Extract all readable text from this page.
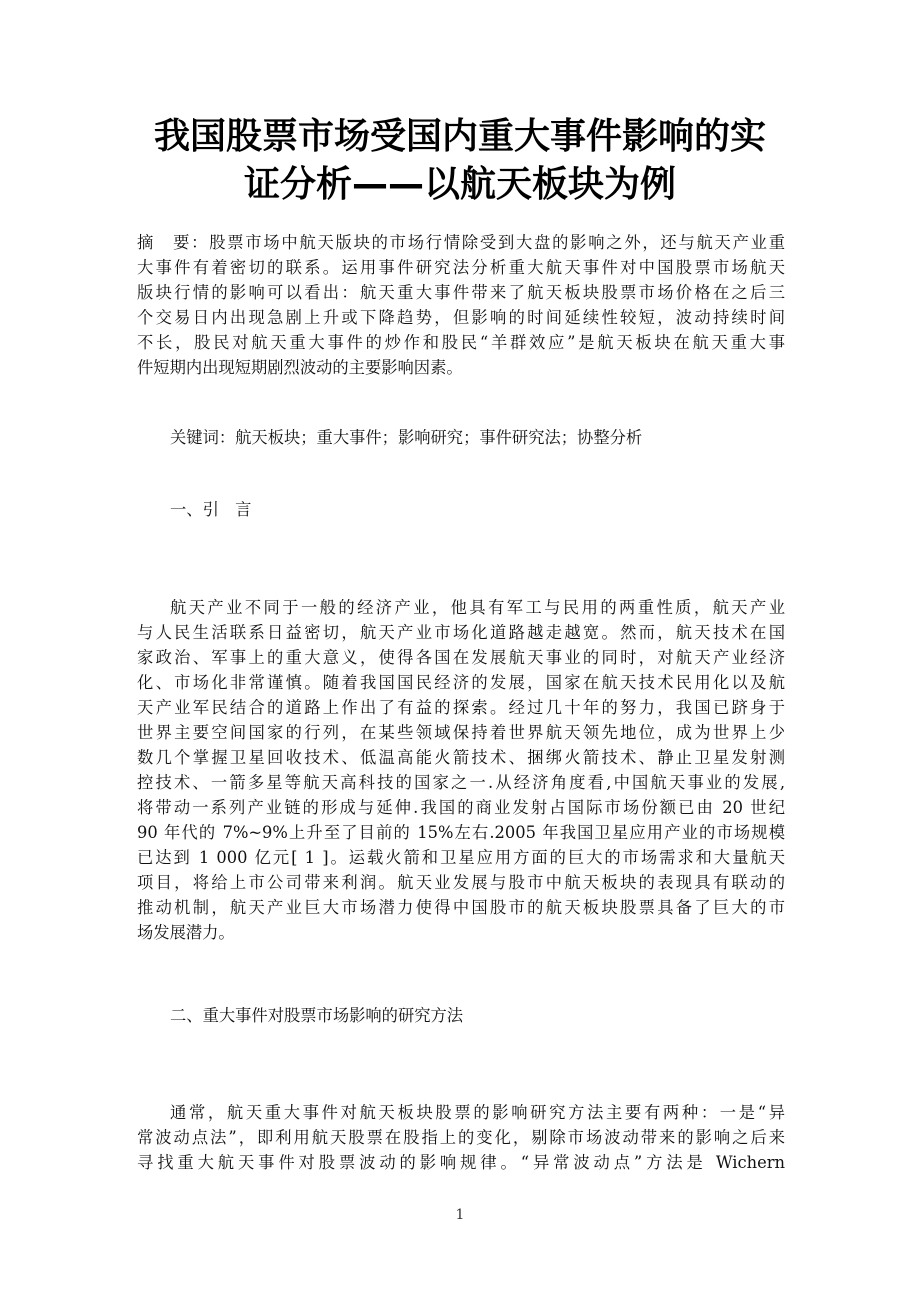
我国股票市场受国内重大事件影响的实
证分析——以航天板块为例
摘　要：股票市场中航天版块的市场行情除受到大盘的影响之外，还与航天产业重
大事件有着密切的联系。运用事件研究法分析重大航天事件对中国股票市场航天
版块行情的影响可以看出：航天重大事件带来了航天板块股票市场价格在之后三
个交易日内出现急剧上升或下降趋势，但影响的时间延续性较短，波动持续时间
不长，股民对航天重大事件的炒作和股民“羊群效应”是航天板块在航天重大事
件短期内出现短期剧烈波动的主要影响因素。
关键词：航天板块；重大事件；影响研究；事件研究法；协整分析
一、引　言
航天产业不同于一般的经济产业，他具有军工与民用的两重性质，航天产业
与人民生活联系日益密切，航天产业市场化道路越走越宽。然而，航天技术在国
家政治、军事上的重大意义，使得各国在发展航天事业的同时，对航天产业经济
化、市场化非常谨慎。随着我国国民经济的发展，国家在航天技术民用化以及航
天产业军民结合的道路上作出了有益的探索。经过几十年的努力，我国已跻身于
世界主要空间国家的行列，在某些领域保持着世界航天领先地位，成为世界上少
数几个掌握卫星回收技术、低温高能火箭技术、捆绑火箭技术、静止卫星发射测
控技术、一箭多星等航天高科技的国家之一.从经济角度看,中国航天事业的发展,
将带动一系列产业链的形成与延伸.我国的商业发射占国际市场份额已由 20 世纪
90 年代的 7%~9%上升至了目前的 15%左右.2005 年我国卫星应用产业的市场规模
已达到 1 000 亿元[ 1 ]。运载火箭和卫星应用方面的巨大的市场需求和大量航天
项目，将给上市公司带来利润。航天业发展与股市中航天板块的表现具有联动的
推动机制，航天产业巨大市场潜力使得中国股市的航天板块股票具备了巨大的市
场发展潜力。
二、重大事件对股票市场影响的研究方法
通常，航天重大事件对航天板块股票的影响研究方法主要有两种：一是“异
常波动点法”，即利用航天股票在股指上的变化，剔除市场波动带来的影响之后来
寻找重大航天事件对股票波动的影响规律。“异常波动点”方法是 Wichern
1
